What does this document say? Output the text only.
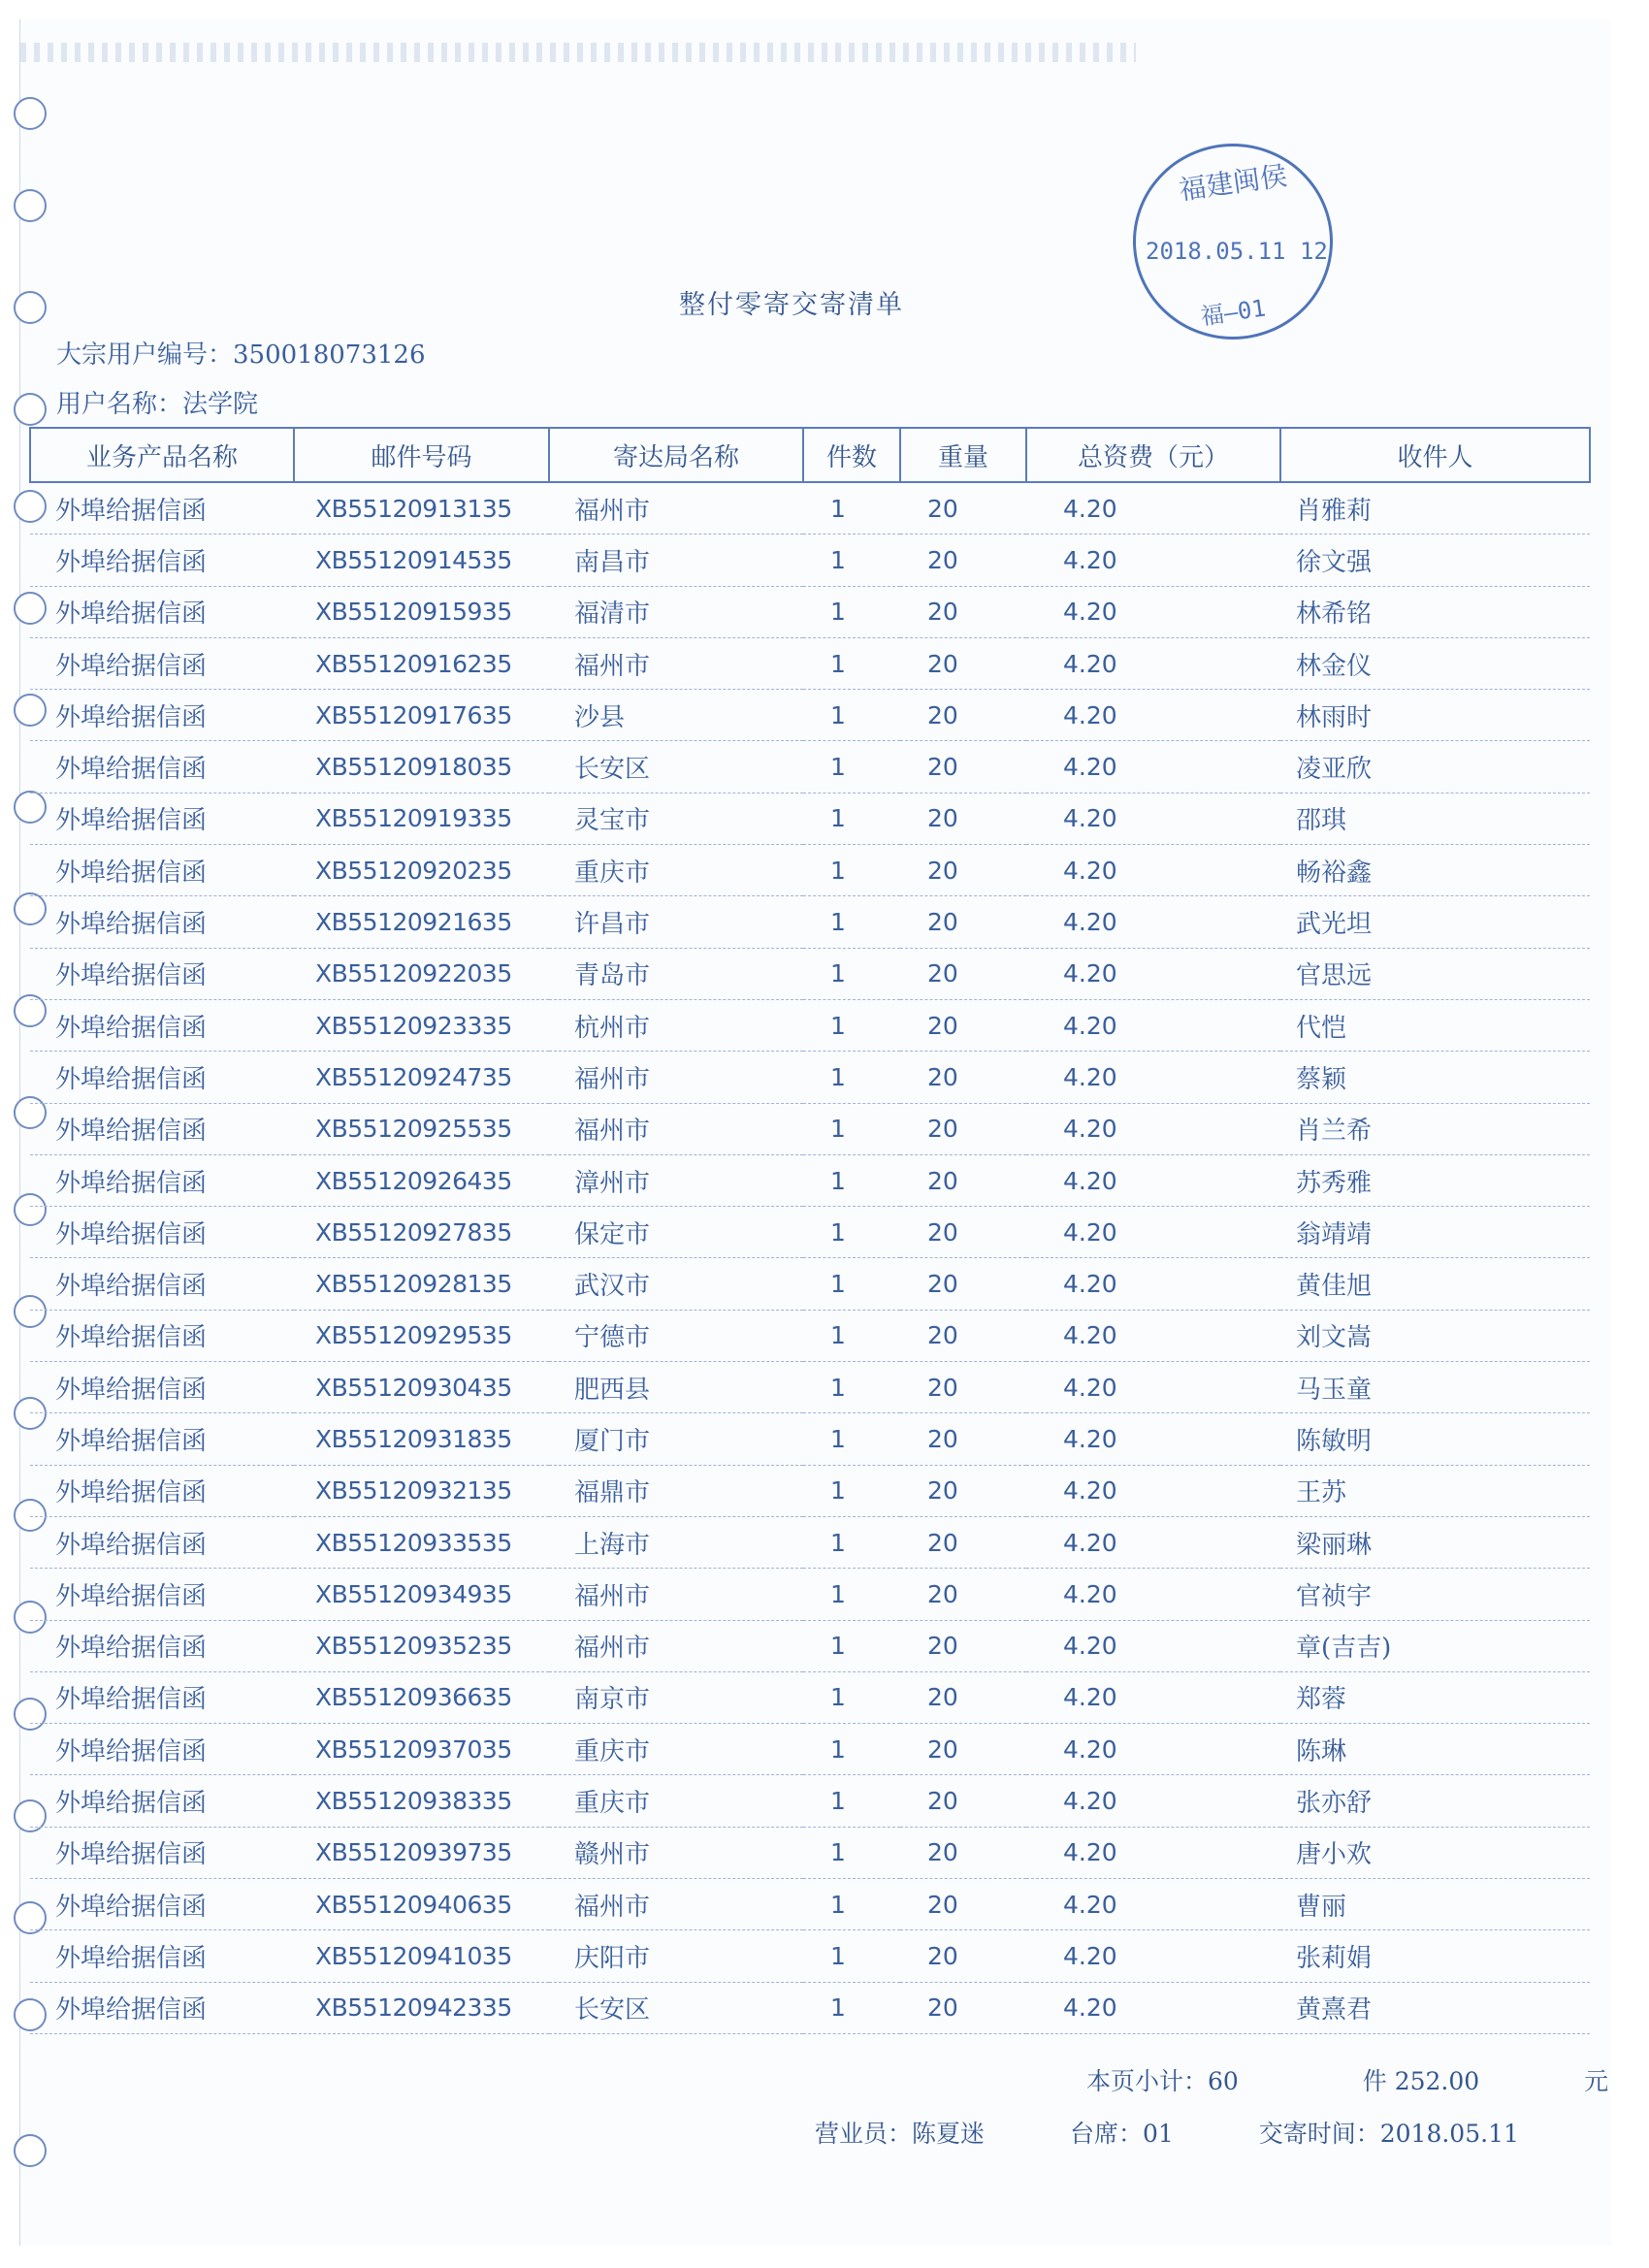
福建闽侯
2018.05.11 12
福—01
整付零寄交寄清单
大宗用户编号：350018073126
用户名称：法学院
业务产品名称	邮件号码	寄达局名称	件数	重量	总资费（元）	收件人
外埠给据信函	XB55120913135	福州市	1	20	4.20	肖雅莉
外埠给据信函	XB55120914535	南昌市	1	20	4.20	徐文强
外埠给据信函	XB55120915935	福清市	1	20	4.20	林希铭
外埠给据信函	XB55120916235	福州市	1	20	4.20	林金仪
外埠给据信函	XB55120917635	沙县	1	20	4.20	林雨时
外埠给据信函	XB55120918035	长安区	1	20	4.20	凌亚欣
外埠给据信函	XB55120919335	灵宝市	1	20	4.20	邵琪
外埠给据信函	XB55120920235	重庆市	1	20	4.20	畅裕鑫
外埠给据信函	XB55120921635	许昌市	1	20	4.20	武光坦
外埠给据信函	XB55120922035	青岛市	1	20	4.20	官思远
外埠给据信函	XB55120923335	杭州市	1	20	4.20	代恺
外埠给据信函	XB55120924735	福州市	1	20	4.20	蔡颖
外埠给据信函	XB55120925535	福州市	1	20	4.20	肖兰希
外埠给据信函	XB55120926435	漳州市	1	20	4.20	苏秀雅
外埠给据信函	XB55120927835	保定市	1	20	4.20	翁靖靖
外埠给据信函	XB55120928135	武汉市	1	20	4.20	黄佳旭
外埠给据信函	XB55120929535	宁德市	1	20	4.20	刘文嵩
外埠给据信函	XB55120930435	肥西县	1	20	4.20	马玉童
外埠给据信函	XB55120931835	厦门市	1	20	4.20	陈敏明
外埠给据信函	XB55120932135	福鼎市	1	20	4.20	王苏
外埠给据信函	XB55120933535	上海市	1	20	4.20	梁丽琳
外埠给据信函	XB55120934935	福州市	1	20	4.20	官祯宇
外埠给据信函	XB55120935235	福州市	1	20	4.20	章(吉吉)
外埠给据信函	XB55120936635	南京市	1	20	4.20	郑蓉
外埠给据信函	XB55120937035	重庆市	1	20	4.20	陈琳
外埠给据信函	XB55120938335	重庆市	1	20	4.20	张亦舒
外埠给据信函	XB55120939735	赣州市	1	20	4.20	唐小欢
外埠给据信函	XB55120940635	福州市	1	20	4.20	曹丽
外埠给据信函	XB55120941035	庆阳市	1	20	4.20	张莉娟
外埠给据信函	XB55120942335	长安区	1	20	4.20	黄熹君
本页小计：60	件 252.00	元
营业员：陈夏迷	台席：01	交寄时间：2018.05.11
